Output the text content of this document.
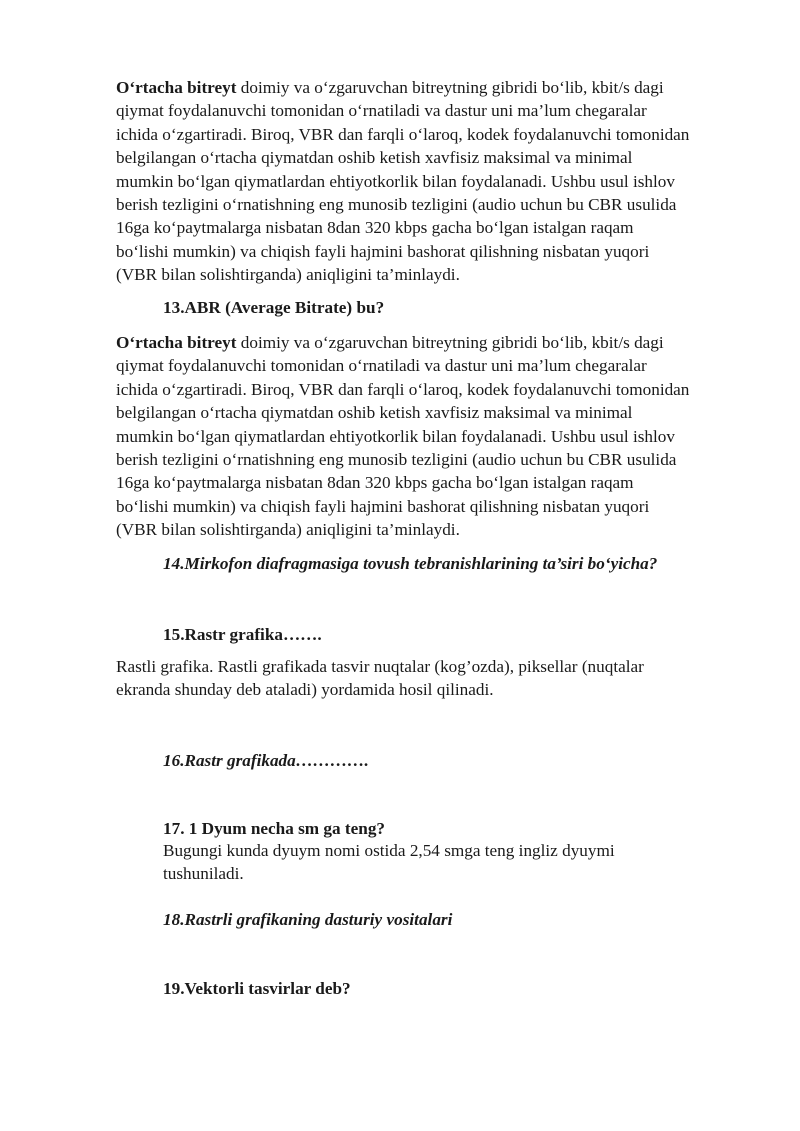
O‘rtacha bitreyt doimiy va o‘zgaruvchan bitreytning gibridi bo‘lib, kbit/s dagi
qiymat foydalanuvchi tomonidan o‘rnatiladi va dastur uni ma’lum chegaralar
ichida o‘zgartiradi. Biroq, VBR dan farqli o‘laroq, kodek foydalanuvchi tomonidan
belgilangan o‘rtacha qiymatdan oshib ketish xavfisiz maksimal va minimal
mumkin bo‘lgan qiymatlardan ehtiyotkorlik bilan foydalanadi. Ushbu usul ishlov
berish tezligini o‘rnatishning eng munosib tezligini (audio uchun bu CBR usulida
16ga ko‘paytmalarga nisbatan 8dan 320 kbps gacha bo‘lgan istalgan raqam
bo‘lishi mumkin) va chiqish fayli hajmini bashorat qilishning nisbatan yuqori
(VBR bilan solishtirganda) aniqligini ta’minlaydi.

13.ABR (Average Bitrate) bu?

O‘rtacha bitreyt doimiy va o‘zgaruvchan bitreytning gibridi bo‘lib, kbit/s dagi
qiymat foydalanuvchi tomonidan o‘rnatiladi va dastur uni ma’lum chegaralar
ichida o‘zgartiradi. Biroq, VBR dan farqli o‘laroq, kodek foydalanuvchi tomonidan
belgilangan o‘rtacha qiymatdan oshib ketish xavfisiz maksimal va minimal
mumkin bo‘lgan qiymatlardan ehtiyotkorlik bilan foydalanadi. Ushbu usul ishlov
berish tezligini o‘rnatishning eng munosib tezligini (audio uchun bu CBR usulida
16ga ko‘paytmalarga nisbatan 8dan 320 kbps gacha bo‘lgan istalgan raqam
bo‘lishi mumkin) va chiqish fayli hajmini bashorat qilishning nisbatan yuqori
(VBR bilan solishtirganda) aniqligini ta’minlaydi.

14.Mirkofon diafragmasiga tovush tebranishlarining ta’siri bo‘yicha?

15.Rastr grafika…….

Rastli grafika. Rastli grafikada tasvir nuqtalar (kog’ozda), piksellar (nuqtalar
ekranda shunday deb ataladi) yordamida hosil qilinadi.

16.Rastr grafikada………….

17. 1 Dyum necha sm ga teng?

Bugungi kunda dyuym nomi ostida 2,54 smga teng ingliz dyuymi
tushuniladi.

18.Rastrli grafikaning dasturiy vositalari

19.Vektorli tasvirlar deb?
